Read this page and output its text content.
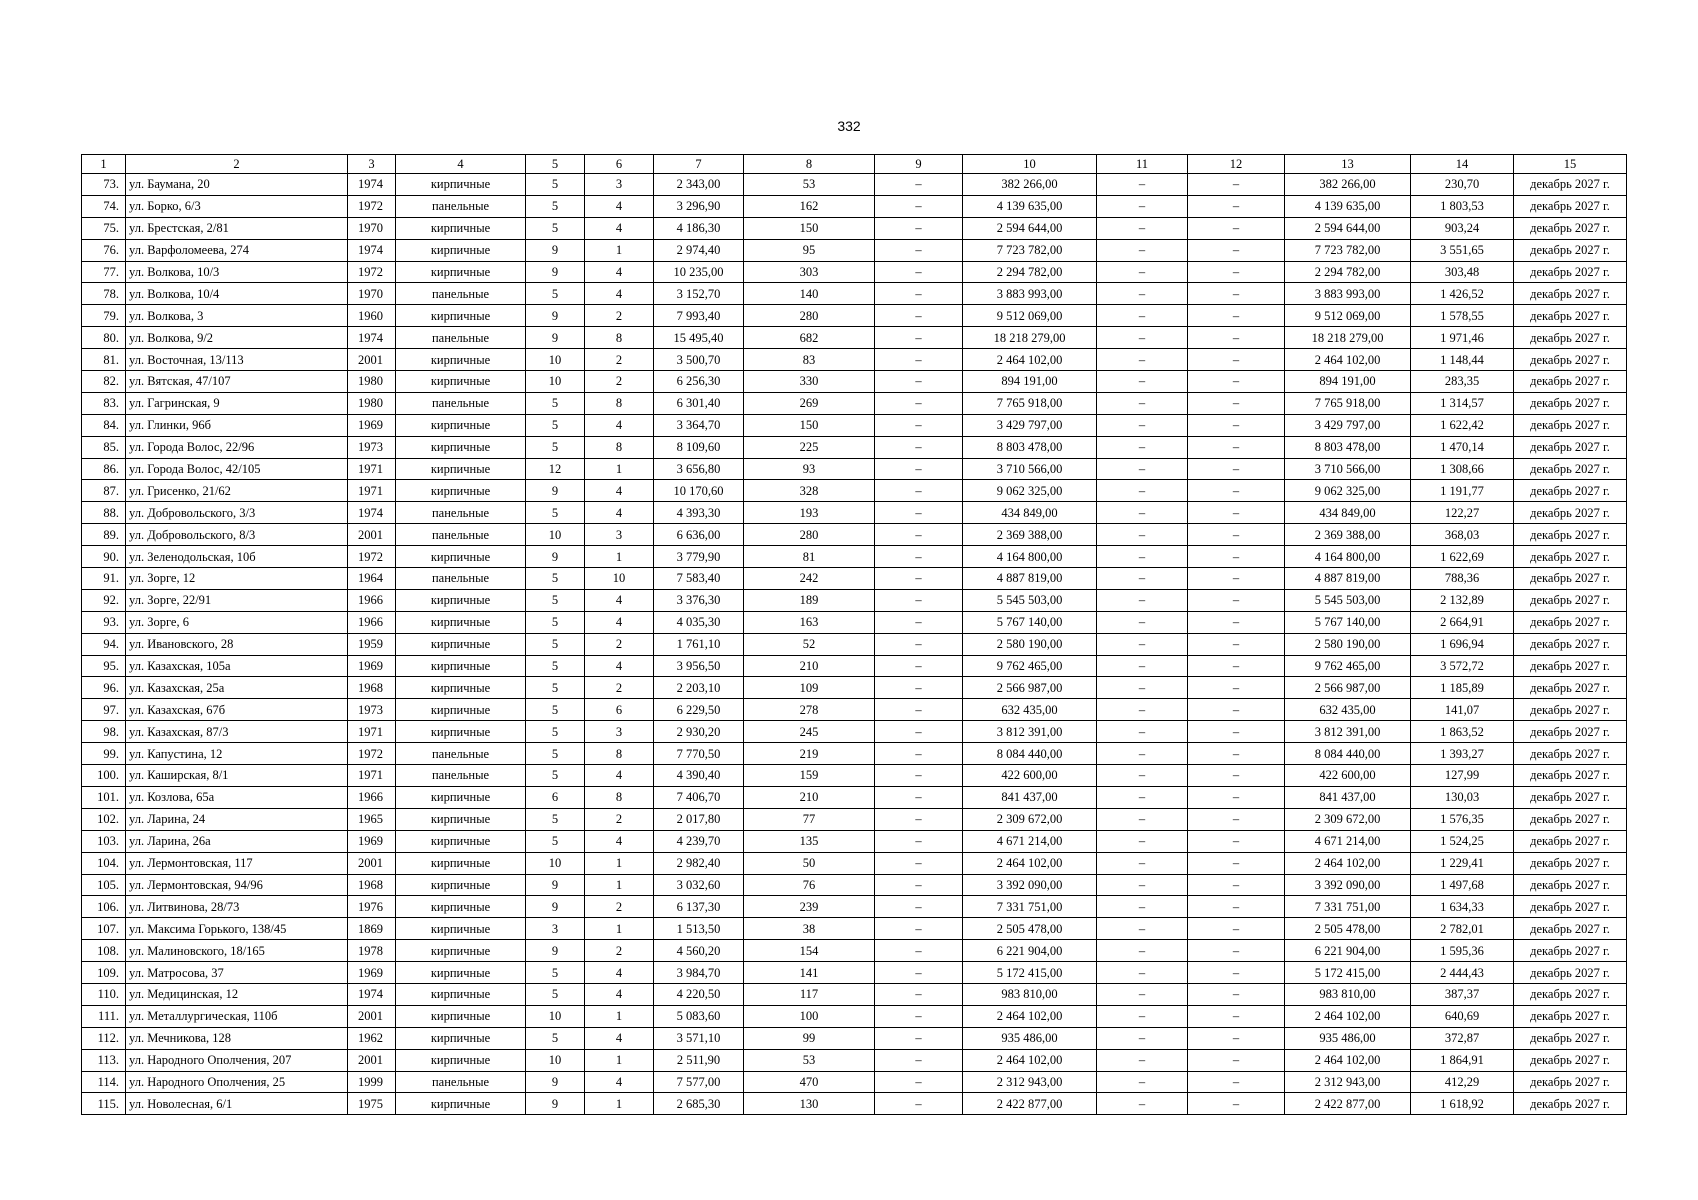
332
1	2	3	4	5	6	7	8	9	10	11	12	13	14	15
73.	ул. Баумана, 20	1974	кирпичные	5	3	2 343,00	53	–	382 266,00	–	–	382 266,00	230,70	декабрь 2027 г.
74.	ул. Борко, 6/3	1972	панельные	5	4	3 296,90	162	–	4 139 635,00	–	–	4 139 635,00	1 803,53	декабрь 2027 г.
75.	ул. Брестская, 2/81	1970	кирпичные	5	4	4 186,30	150	–	2 594 644,00	–	–	2 594 644,00	903,24	декабрь 2027 г.
76.	ул. Варфоломеева, 274	1974	кирпичные	9	1	2 974,40	95	–	7 723 782,00	–	–	7 723 782,00	3 551,65	декабрь 2027 г.
77.	ул. Волкова, 10/3	1972	кирпичные	9	4	10 235,00	303	–	2 294 782,00	–	–	2 294 782,00	303,48	декабрь 2027 г.
78.	ул. Волкова, 10/4	1970	панельные	5	4	3 152,70	140	–	3 883 993,00	–	–	3 883 993,00	1 426,52	декабрь 2027 г.
79.	ул. Волкова, 3	1960	кирпичные	9	2	7 993,40	280	–	9 512 069,00	–	–	9 512 069,00	1 578,55	декабрь 2027 г.
80.	ул. Волкова, 9/2	1974	панельные	9	8	15 495,40	682	–	18 218 279,00	–	–	18 218 279,00	1 971,46	декабрь 2027 г.
81.	ул. Восточная, 13/113	2001	кирпичные	10	2	3 500,70	83	–	2 464 102,00	–	–	2 464 102,00	1 148,44	декабрь 2027 г.
82.	ул. Вятская, 47/107	1980	кирпичные	10	2	6 256,30	330	–	894 191,00	–	–	894 191,00	283,35	декабрь 2027 г.
83.	ул. Гагринская, 9	1980	панельные	5	8	6 301,40	269	–	7 765 918,00	–	–	7 765 918,00	1 314,57	декабрь 2027 г.
84.	ул. Глинки, 96б	1969	кирпичные	5	4	3 364,70	150	–	3 429 797,00	–	–	3 429 797,00	1 622,42	декабрь 2027 г.
85.	ул. Города Волос, 22/96	1973	кирпичные	5	8	8 109,60	225	–	8 803 478,00	–	–	8 803 478,00	1 470,14	декабрь 2027 г.
86.	ул. Города Волос, 42/105	1971	кирпичные	12	1	3 656,80	93	–	3 710 566,00	–	–	3 710 566,00	1 308,66	декабрь 2027 г.
87.	ул. Грисенко, 21/62	1971	кирпичные	9	4	10 170,60	328	–	9 062 325,00	–	–	9 062 325,00	1 191,77	декабрь 2027 г.
88.	ул. Добровольского, 3/3	1974	панельные	5	4	4 393,30	193	–	434 849,00	–	–	434 849,00	122,27	декабрь 2027 г.
89.	ул. Добровольского, 8/3	2001	панельные	10	3	6 636,00	280	–	2 369 388,00	–	–	2 369 388,00	368,03	декабрь 2027 г.
90.	ул. Зеленодольская, 10б	1972	кирпичные	9	1	3 779,90	81	–	4 164 800,00	–	–	4 164 800,00	1 622,69	декабрь 2027 г.
91.	ул. Зорге, 12	1964	панельные	5	10	7 583,40	242	–	4 887 819,00	–	–	4 887 819,00	788,36	декабрь 2027 г.
92.	ул. Зорге, 22/91	1966	кирпичные	5	4	3 376,30	189	–	5 545 503,00	–	–	5 545 503,00	2 132,89	декабрь 2027 г.
93.	ул. Зорге, 6	1966	кирпичные	5	4	4 035,30	163	–	5 767 140,00	–	–	5 767 140,00	2 664,91	декабрь 2027 г.
94.	ул. Ивановского, 28	1959	кирпичные	5	2	1 761,10	52	–	2 580 190,00	–	–	2 580 190,00	1 696,94	декабрь 2027 г.
95.	ул. Казахская, 105а	1969	кирпичные	5	4	3 956,50	210	–	9 762 465,00	–	–	9 762 465,00	3 572,72	декабрь 2027 г.
96.	ул. Казахская, 25а	1968	кирпичные	5	2	2 203,10	109	–	2 566 987,00	–	–	2 566 987,00	1 185,89	декабрь 2027 г.
97.	ул. Казахская, 67б	1973	кирпичные	5	6	6 229,50	278	–	632 435,00	–	–	632 435,00	141,07	декабрь 2027 г.
98.	ул. Казахская, 87/3	1971	кирпичные	5	3	2 930,20	245	–	3 812 391,00	–	–	3 812 391,00	1 863,52	декабрь 2027 г.
99.	ул. Капустина, 12	1972	панельные	5	8	7 770,50	219	–	8 084 440,00	–	–	8 084 440,00	1 393,27	декабрь 2027 г.
100.	ул. Каширская, 8/1	1971	панельные	5	4	4 390,40	159	–	422 600,00	–	–	422 600,00	127,99	декабрь 2027 г.
101.	ул. Козлова, 65а	1966	кирпичные	6	8	7 406,70	210	–	841 437,00	–	–	841 437,00	130,03	декабрь 2027 г.
102.	ул. Ларина, 24	1965	кирпичные	5	2	2 017,80	77	–	2 309 672,00	–	–	2 309 672,00	1 576,35	декабрь 2027 г.
103.	ул. Ларина, 26а	1969	кирпичные	5	4	4 239,70	135	–	4 671 214,00	–	–	4 671 214,00	1 524,25	декабрь 2027 г.
104.	ул. Лермонтовская, 117	2001	кирпичные	10	1	2 982,40	50	–	2 464 102,00	–	–	2 464 102,00	1 229,41	декабрь 2027 г.
105.	ул. Лермонтовская, 94/96	1968	кирпичные	9	1	3 032,60	76	–	3 392 090,00	–	–	3 392 090,00	1 497,68	декабрь 2027 г.
106.	ул. Литвинова, 28/73	1976	кирпичные	9	2	6 137,30	239	–	7 331 751,00	–	–	7 331 751,00	1 634,33	декабрь 2027 г.
107.	ул. Максима Горького, 138/45	1869	кирпичные	3	1	1 513,50	38	–	2 505 478,00	–	–	2 505 478,00	2 782,01	декабрь 2027 г.
108.	ул. Малиновского, 18/165	1978	кирпичные	9	2	4 560,20	154	–	6 221 904,00	–	–	6 221 904,00	1 595,36	декабрь 2027 г.
109.	ул. Матросова, 37	1969	кирпичные	5	4	3 984,70	141	–	5 172 415,00	–	–	5 172 415,00	2 444,43	декабрь 2027 г.
110.	ул. Медицинская, 12	1974	кирпичные	5	4	4 220,50	117	–	983 810,00	–	–	983 810,00	387,37	декабрь 2027 г.
111.	ул. Металлургическая, 110б	2001	кирпичные	10	1	5 083,60	100	–	2 464 102,00	–	–	2 464 102,00	640,69	декабрь 2027 г.
112.	ул. Мечникова, 128	1962	кирпичные	5	4	3 571,10	99	–	935 486,00	–	–	935 486,00	372,87	декабрь 2027 г.
113.	ул. Народного Ополчения, 207	2001	кирпичные	10	1	2 511,90	53	–	2 464 102,00	–	–	2 464 102,00	1 864,91	декабрь 2027 г.
114.	ул. Народного Ополчения, 25	1999	панельные	9	4	7 577,00	470	–	2 312 943,00	–	–	2 312 943,00	412,29	декабрь 2027 г.
115.	ул. Новолесная, 6/1	1975	кирпичные	9	1	2 685,30	130	–	2 422 877,00	–	–	2 422 877,00	1 618,92	декабрь 2027 г.
